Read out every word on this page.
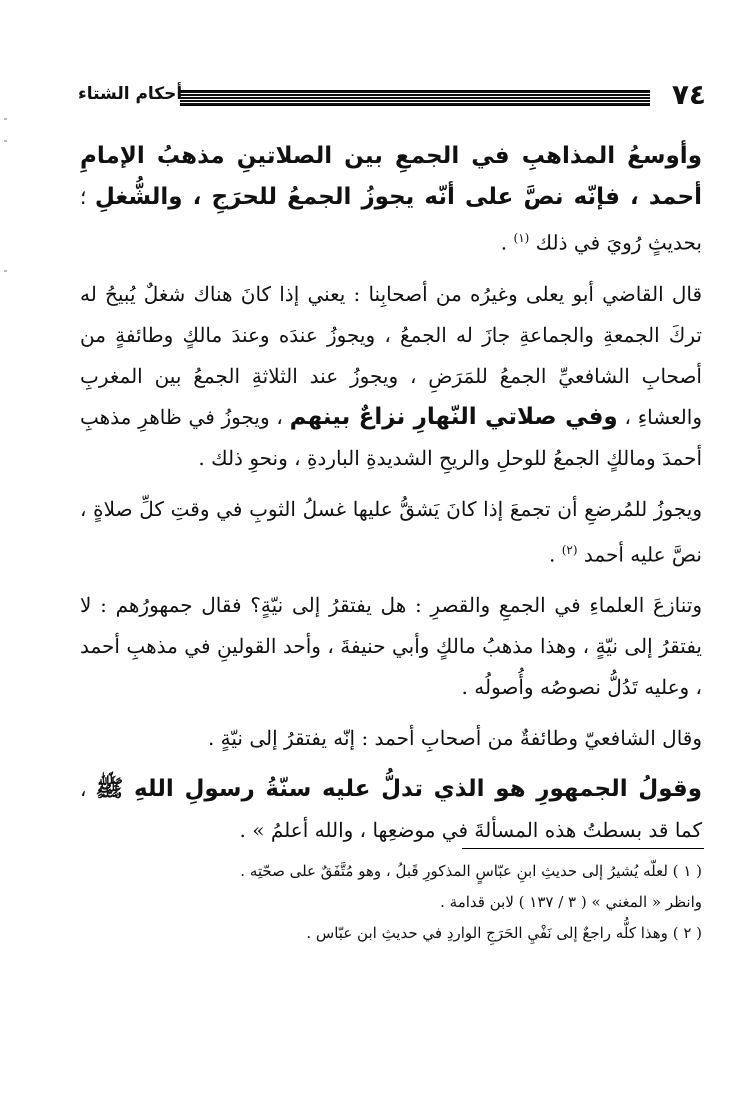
٧٤
أحكام الشتاء

وأوسعُ المذاهبِ في الجمعِ بين الصلاتينِ مذهبُ الإمامِ أحمد ، فإنّه نصَّ على أنّه يجوزُ الجمعُ للحرَجِ ، والشُّغلِ ؛ بحديثٍ رُويَ في ذلك $^{(١)}$ .

قال القاضي أبو يعلى وغيرُه من أصحابِنا : يعني إذا كانَ هناك شغلٌ يُبيحُ له تركَ الجمعةِ والجماعةِ جازَ له الجمعُ ، ويجوزُ عندَه وعندَ مالكٍ وطائفةٍ من أصحابِ الشافعيِّ الجمعُ للمَرَضِ ، ويجوزُ عند الثلاثةِ الجمعُ بين المغربِ والعشاءِ ، وفي صلاتي النّهارِ نزاعٌ بينهم ، ويجوزُ في ظاهرِ مذهبِ أحمدَ ومالكٍ الجمعُ للوحلِ والريحِ الشديدةِ الباردةِ ، ونحوِ ذلك .

ويجوزُ للمُرضعِ أن تجمعَ إذا كانَ يَشقُّ عليها غسلُ الثوبِ في وقتِ كلِّ صلاةٍ ، نصَّ عليه أحمد $^{(٢)}$ .

وتنازعَ العلماءِ في الجمعِ والقصرِ : هل يفتقرُ إلى نيّةٍ؟ فقال جمهورُهم : لا يفتقرُ إلى نيّةٍ ، وهذا مذهبُ مالكٍ وأبي حنيفةَ ، وأحد القولينِ في مذهبِ أحمد ، وعليه تَدُلُّ نصوصُه وأُصولُه .

وقال الشافعيّ وطائفةٌ من أصحابِ أحمد : إنّه يفتقرُ إلى نيّةٍ .

وقولُ الجمهورِ هو الذي تدلُّ عليه سنّةُ رسولِ اللهِ ﷺ ، كما قد بسطتُ هذه المسألةَ في موضعِها ، والله أعلمُ » .

( ١ ) لعلّه يُشيرُ إلى حديثِ ابنِ عبّاسٍ المذكورِ قَبلُ ، وهو مُتَّفَقٌ على صحّتِه .

وانظر « المغني » ( ٣ / ١٣٧ ) لابن قدامة .

( ٢ ) وهذا كلُّه راجعٌ إلى نَفْيِ الحَرَجِ الواردِ في حديثِ ابن عبّاس .
